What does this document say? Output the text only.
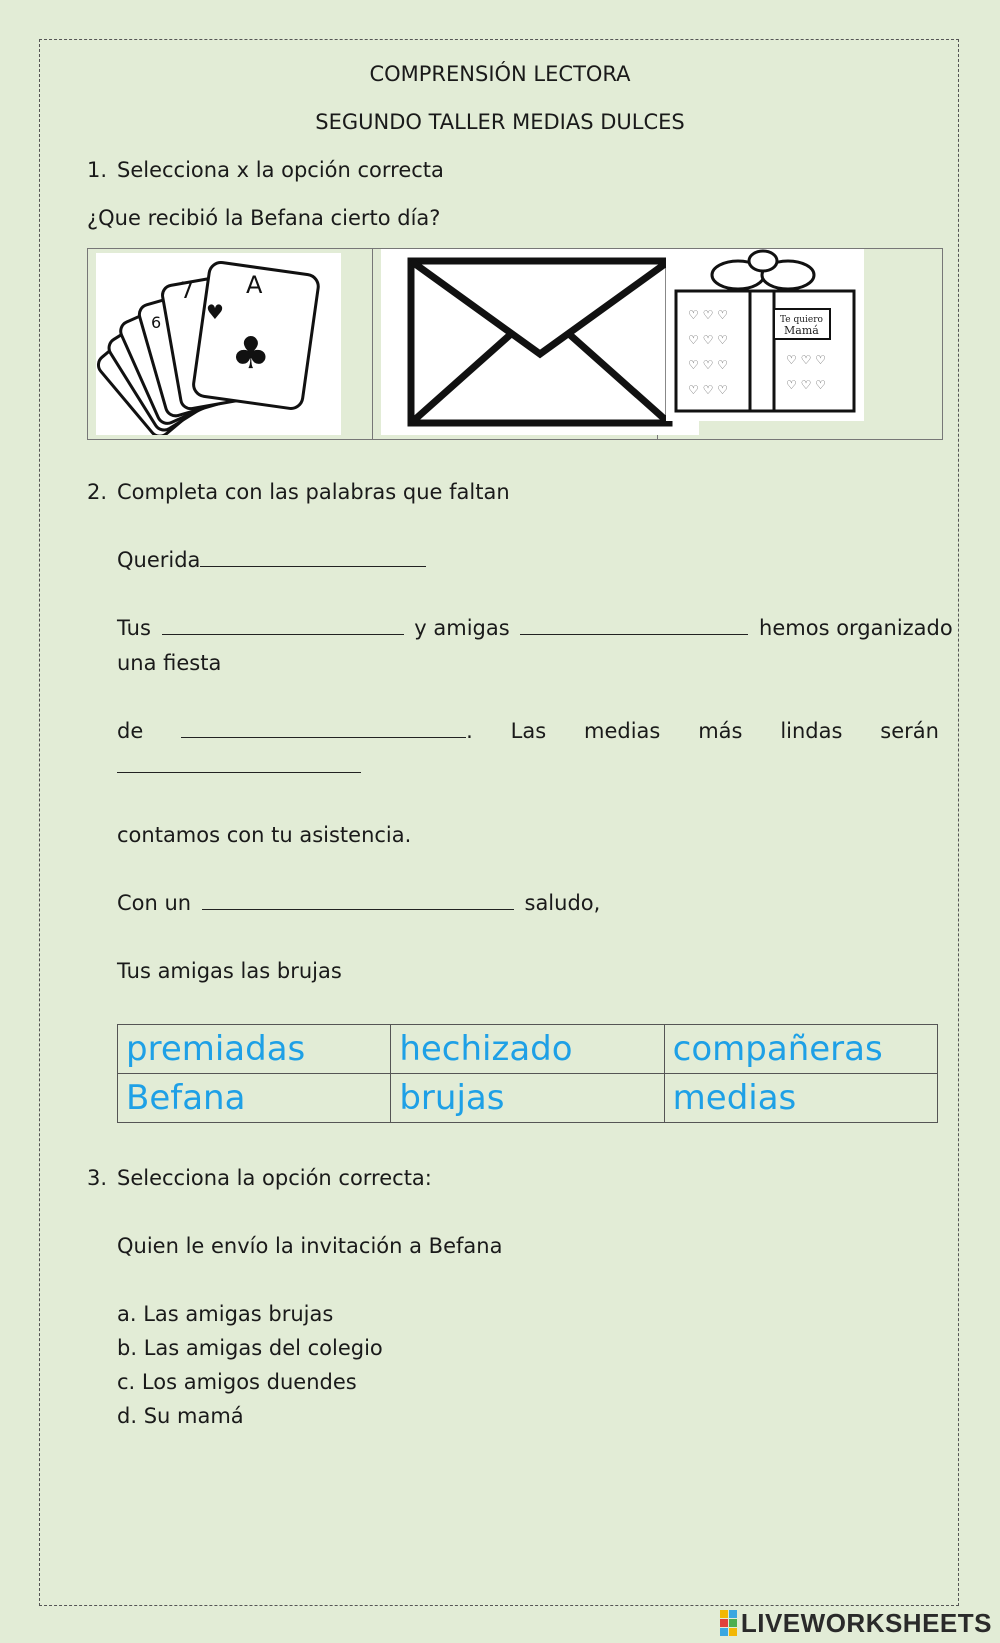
COMPRENSIÓN LECTORA
SEGUNDO TALLER MEDIAS DULCES
1. Selecciona x la opción correcta
¿Que recibió la Befana cierto día?
7 A
6
♣
♥	♡ ♡ ♡
♡ ♡ ♡
♡ ♡ ♡
♡ ♡ ♡
♡ ♡ ♡
♡ ♡ ♡
Te quiero
Mamá
2. Completa con las palabras que faltan
Querida
Tus	y amigas	hemos organizado
una fiesta
de	. Las medias más lindas serán
contamos con tu asistencia.
Con un	saludo,
Tus amigas las brujas
premiadas	hechizado	compañeras
Befana	brujas	medias
3. Selecciona la opción correcta:
Quien le envío la invitación a Befana
a. Las amigas brujas
b. Las amigas del colegio
c. Los amigos duendes
d. Su mamá
LIVEWORKSHEETS
